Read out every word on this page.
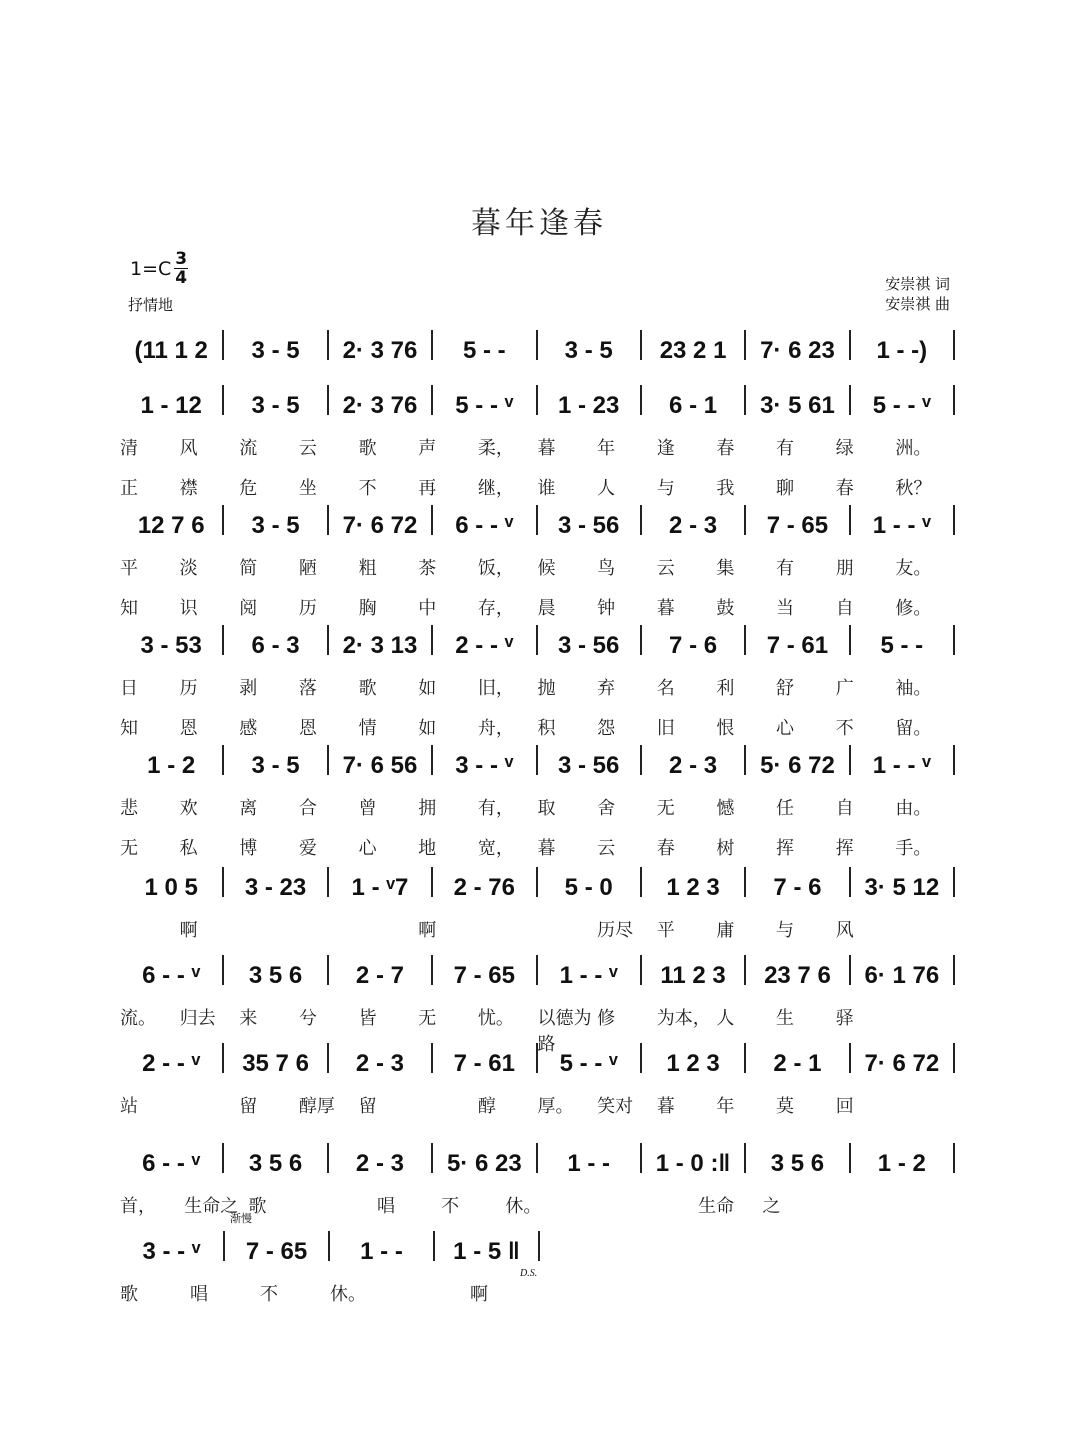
暮年逢春
$1=C \frac{3}{4}$
抒情地
安崇祺 词
安崇祺 曲
(11 1 2	3 - 5	2· 3 76	5 - -	3 - 5	23 2 1	7· 6 23	1 - -)
1 - 12	3 - 5	2· 3 76	5 - - ᵛ	1 - 23	6 - 1	3· 5 61	5 - - ᵛ
清	风	流	云	歌	声	柔，	暮	年	逢	春	有	绿	洲。
正	襟	危	坐	不	再	继，	谁	人	与	我	聊	春	秋？
12 7 6	3 - 5	7· 6 72	6 - - ᵛ	3 - 56	2 - 3	7 - 65	1 - - ᵛ
平	淡	简	陋	粗	茶	饭，	候	鸟	云	集	有	朋	友。
知	识	阅	历	胸	中	存，	晨	钟	暮	鼓	当	自	修。
3 - 53	6 - 3	2· 3 13	2 - - ᵛ	3 - 56	7 - 6	7 - 61	5 - -
日	历	剥	落	歌	如	旧，	抛	弃	名	利	舒	广	袖。
知	恩	感	恩	情	如	舟，	积	怨	旧	恨	心	不	留。
1 - 2	3 - 5	7· 6 56	3 - - ᵛ	3 - 56	2 - 3	5· 6 72	1 - - ᵛ
悲	欢	离	合	曾	拥	有，	取	舍	无	憾	任	自	由。
无	私	博	爱	心	地	宽，	暮	云	春	树	挥	挥	手。
1 0 5	3 - 23	1 - ᵛ7	2 - 76	5 - 0	1 2 3	7 - 6	3· 5 12
啊	啊	历尽	平	庸	与	风
6 - - ᵛ	3 5 6	2 - 7	7 - 65	1 - - ᵛ	11 2 3	23 7 6	6· 1 76
流。	归去	来	兮	皆	无	忧。	以德为路
修	为本， 人	生	驿
2 - - ᵛ	35 7 6	2 - 3	7 - 61	5 - - ᵛ	1 2 3	2 - 1	7· 6 72
站	留	醇厚	留	醇	厚。	笑对	暮	年	莫	回
6 - - ᵛ	3 5 6	2 - 3	5· 6 23	1 - -	1 - 0 :‖	3 5 6	1 - 2
首，	生命之 歌	唱	不	休。	生命	之
3 - - ᵛ	7 - 65	1 - -	1 - 5 ‖
渐慢
D.S.
歌	唱	不	休。	啊
